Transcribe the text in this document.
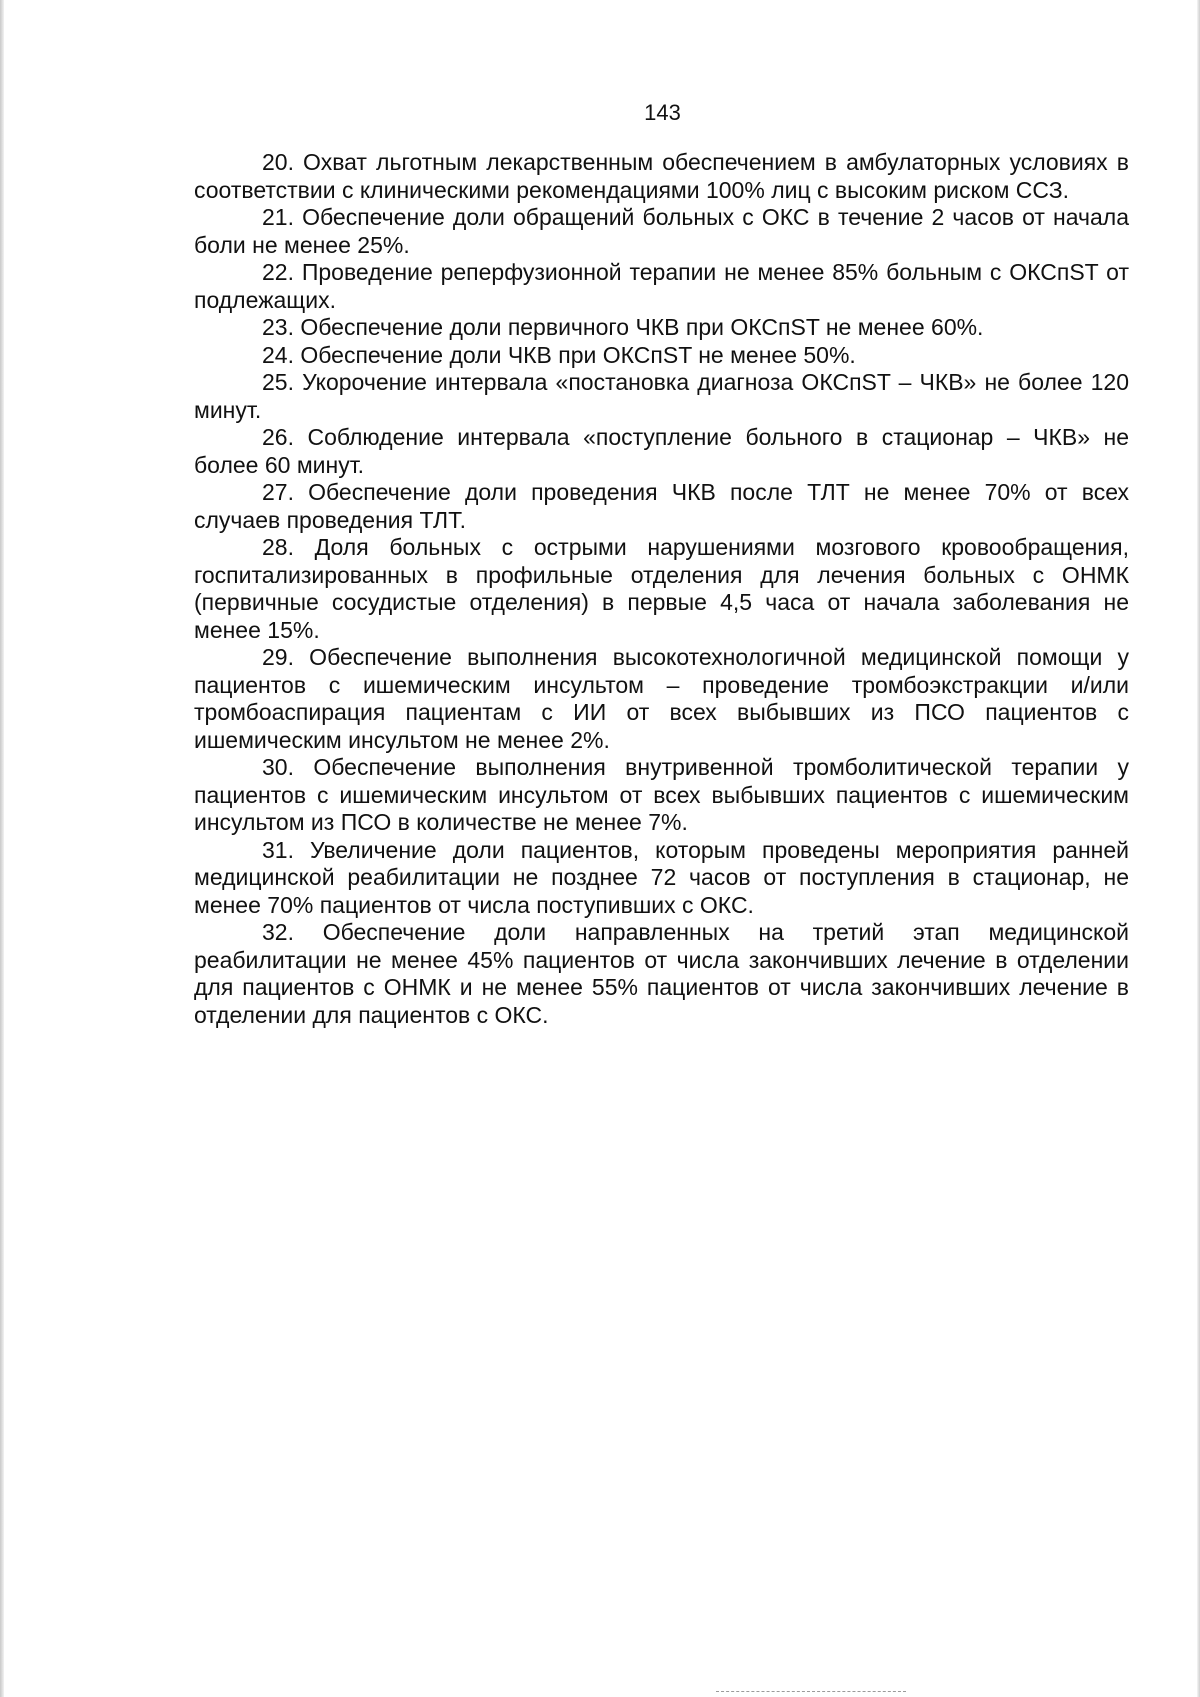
143

20. Охват льготным лекарственным обеспечением в амбулаторных условиях в соответствии с клиническими рекомендациями 100% лиц с высоким риском ССЗ.

21. Обеспечение доли обращений больных с ОКС в течение 2 часов от начала боли не менее 25%.

22. Проведение реперфузионной терапии не менее 85% больным с ОКСпST от подлежащих.

23. Обеспечение доли первичного ЧКВ при ОКСпST не менее 60%.

24. Обеспечение доли ЧКВ при ОКСпST не менее 50%.

25. Укорочение интервала «постановка диагноза ОКСпST – ЧКВ» не более 120 минут.

26. Соблюдение интервала «поступление больного в стационар – ЧКВ» не более 60 минут.

27. Обеспечение доли проведения ЧКВ после ТЛТ не менее 70% от всех случаев проведения ТЛТ.

28. Доля больных с острыми нарушениями мозгового кровообращения, госпитализированных в профильные отделения для лечения больных с ОНМК (первичные сосудистые отделения) в первые 4,5 часа от начала заболевания не менее 15%.

29. Обеспечение выполнения высокотехнологичной медицинской помощи у пациентов с ишемическим инсультом – проведение тромбоэкстракции и/или тромбоаспирация пациентам с ИИ от всех выбывших из ПСО пациентов с ишемическим инсультом не менее 2%.

30. Обеспечение выполнения внутривенной тромболитической терапии у пациентов с ишемическим инсультом от всех выбывших пациентов с ишемическим инсультом из ПСО в количестве не менее 7%.

31. Увеличение доли пациентов, которым проведены мероприятия ранней медицинской реабилитации не позднее 72 часов от поступления в стационар, не менее 70% пациентов от числа поступивших с ОКС.

32. Обеспечение доли направленных на третий этап медицинской реабилитации не менее 45% пациентов от числа закончивших лечение в отделении для пациентов с ОНМК и не менее 55% пациентов от числа закончивших лечение в отделении для пациентов с ОКС.
